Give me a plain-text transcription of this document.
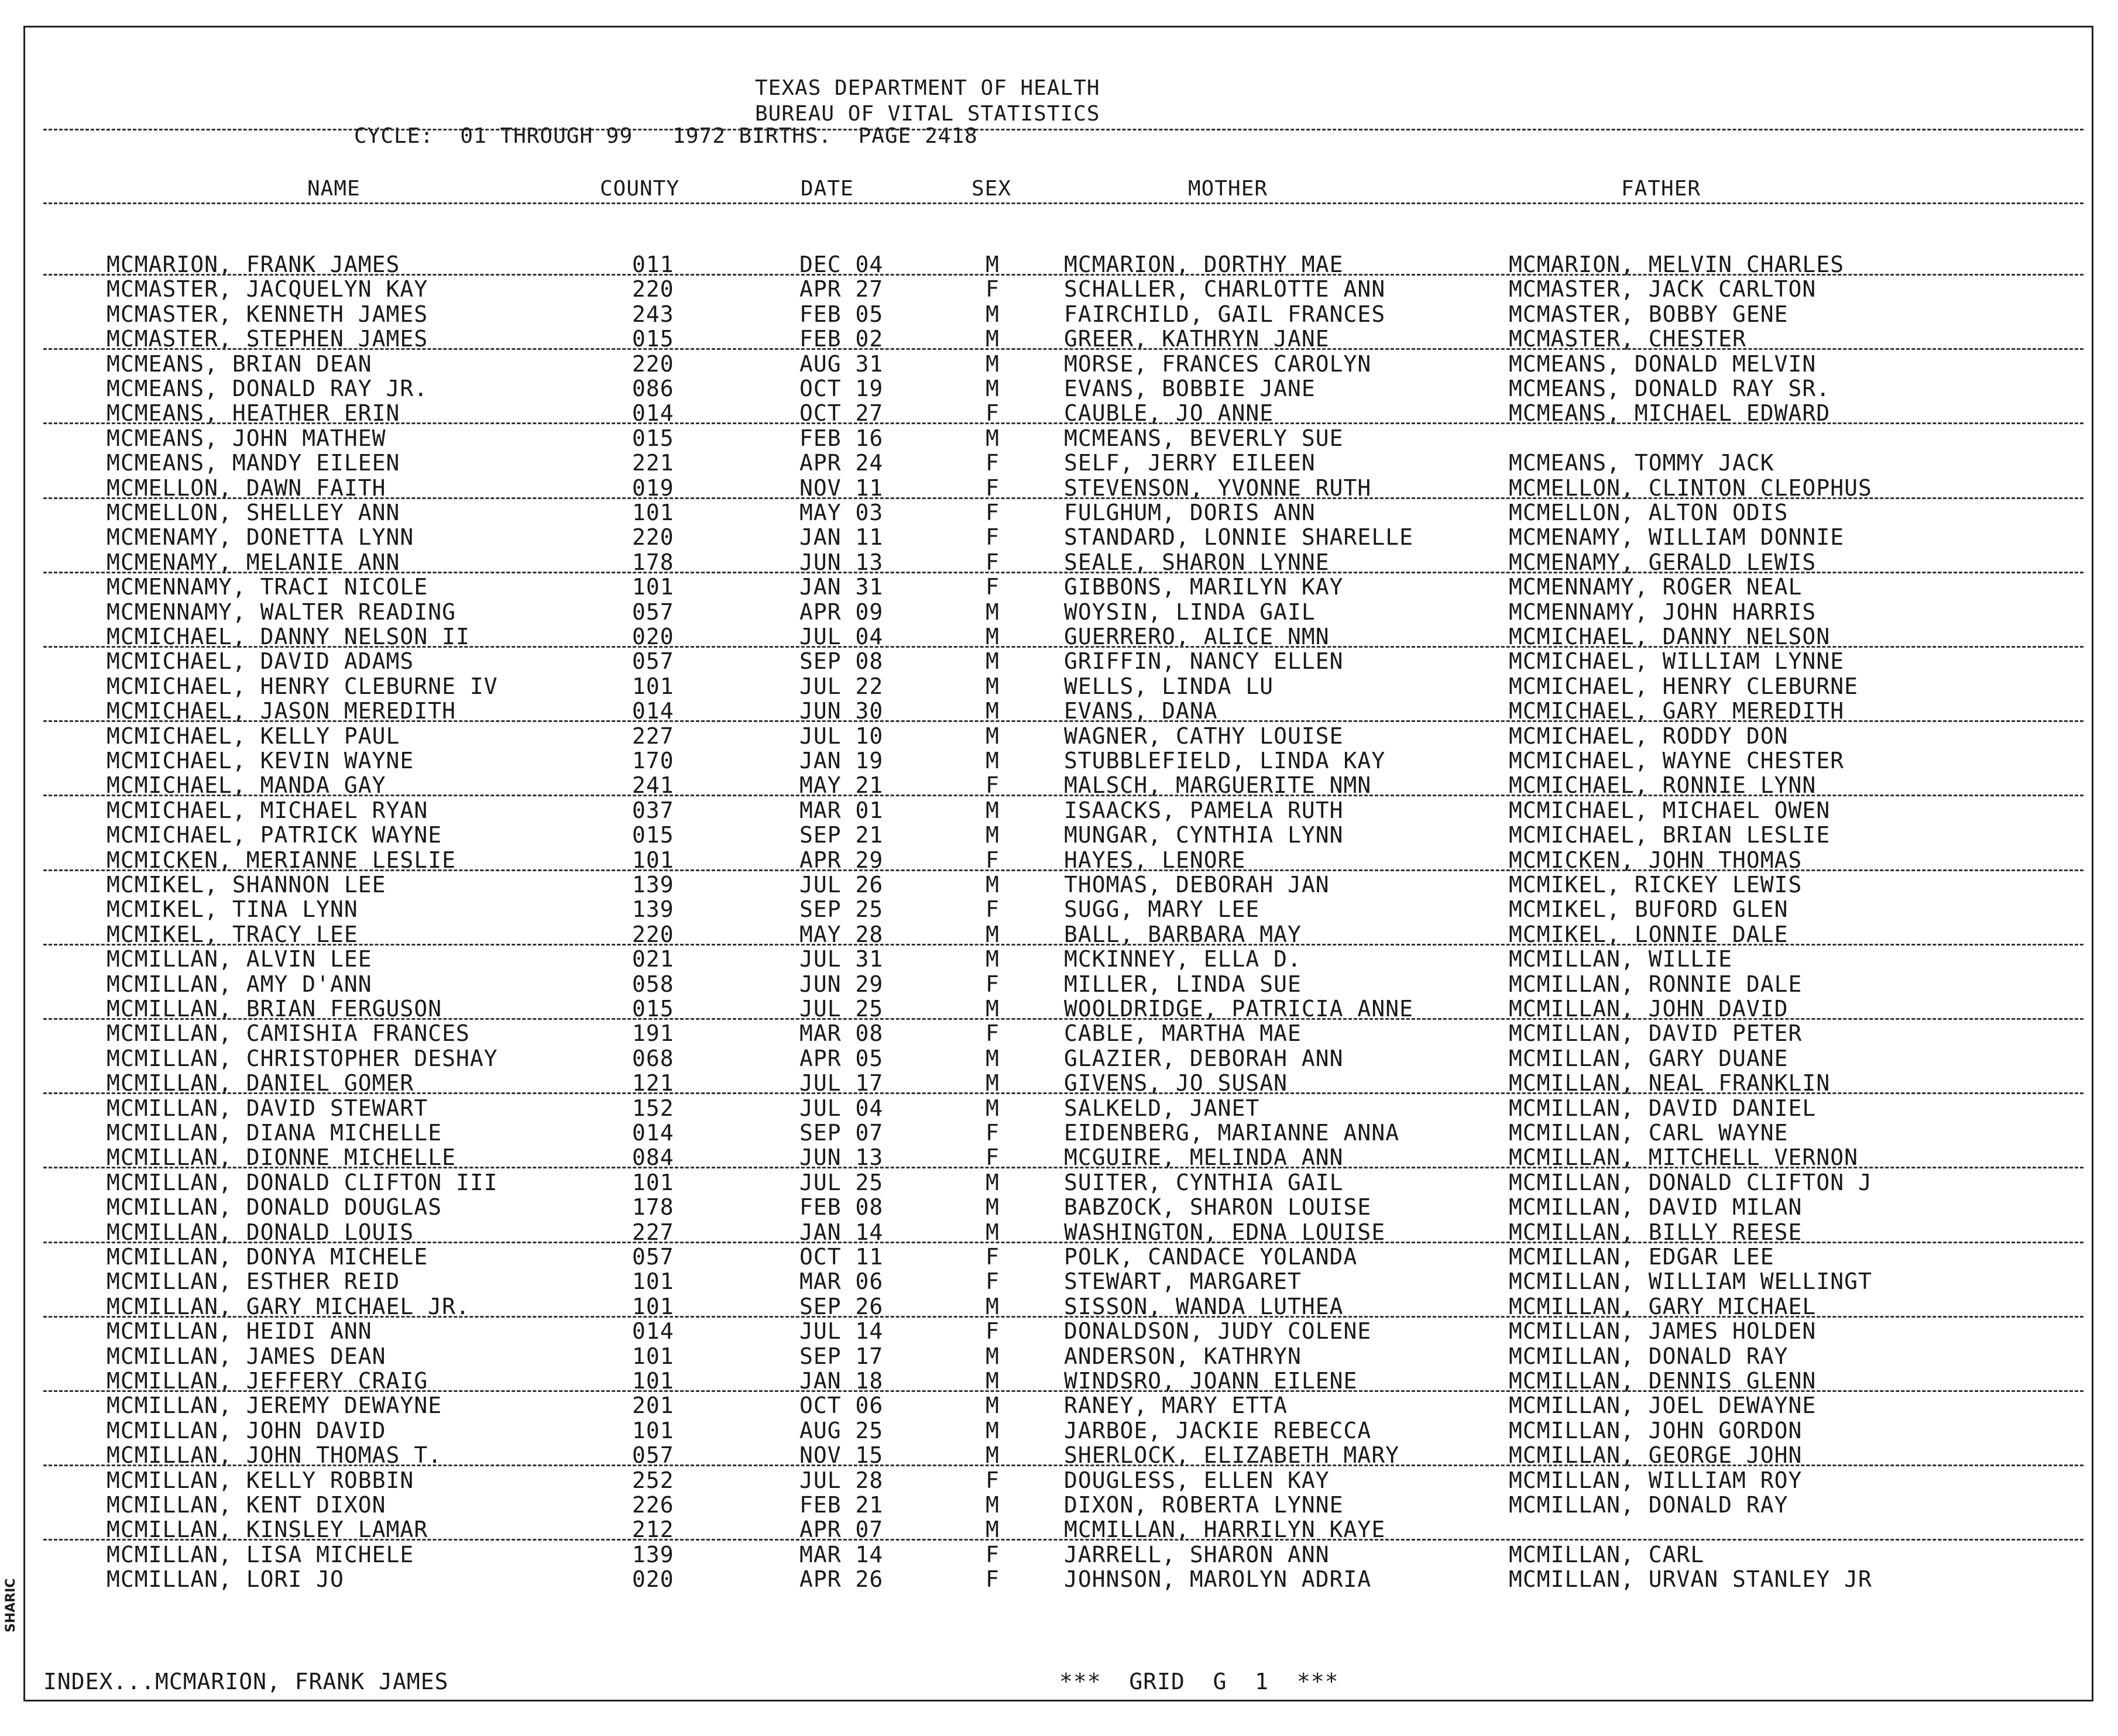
SHARIC
TEXAS DEPARTMENT OF HEALTH
BUREAU OF VITAL STATISTICS
CYCLE:  01 THROUGH 99   1972 BIRTHS.  PAGE 2418
NAME	COUNTY	DATE	SEX	MOTHER	FATHER
MCMARION, FRANK JAMES	011	DEC 04	M	MCMARION, DORTHY MAE	MCMARION, MELVIN CHARLES
MCMASTER, JACQUELYN KAY	220	APR 27	F	SCHALLER, CHARLOTTE ANN	MCMASTER, JACK CARLTON
MCMASTER, KENNETH JAMES	243	FEB 05	M	FAIRCHILD, GAIL FRANCES	MCMASTER, BOBBY GENE
MCMASTER, STEPHEN JAMES	015	FEB 02	M	GREER, KATHRYN JANE	MCMASTER, CHESTER
MCMEANS, BRIAN DEAN	220	AUG 31	M	MORSE, FRANCES CAROLYN	MCMEANS, DONALD MELVIN
MCMEANS, DONALD RAY JR.	086	OCT 19	M	EVANS, BOBBIE JANE	MCMEANS, DONALD RAY SR.
MCMEANS, HEATHER ERIN	014	OCT 27	F	CAUBLE, JO ANNE	MCMEANS, MICHAEL EDWARD
MCMEANS, JOHN MATHEW	015	FEB 16	M	MCMEANS, BEVERLY SUE
MCMEANS, MANDY EILEEN	221	APR 24	F	SELF, JERRY EILEEN	MCMEANS, TOMMY JACK
MCMELLON, DAWN FAITH	019	NOV 11	F	STEVENSON, YVONNE RUTH	MCMELLON, CLINTON CLEOPHUS
MCMELLON, SHELLEY ANN	101	MAY 03	F	FULGHUM, DORIS ANN	MCMELLON, ALTON ODIS
MCMENAMY, DONETTA LYNN	220	JAN 11	F	STANDARD, LONNIE SHARELLE	MCMENAMY, WILLIAM DONNIE
MCMENAMY, MELANIE ANN	178	JUN 13	F	SEALE, SHARON LYNNE	MCMENAMY, GERALD LEWIS
MCMENNAMY, TRACI NICOLE	101	JAN 31	F	GIBBONS, MARILYN KAY	MCMENNAMY, ROGER NEAL
MCMENNAMY, WALTER READING	057	APR 09	M	WOYSIN, LINDA GAIL	MCMENNAMY, JOHN HARRIS
MCMICHAEL, DANNY NELSON II	020	JUL 04	M	GUERRERO, ALICE NMN	MCMICHAEL, DANNY NELSON
MCMICHAEL, DAVID ADAMS	057	SEP 08	M	GRIFFIN, NANCY ELLEN	MCMICHAEL, WILLIAM LYNNE
MCMICHAEL, HENRY CLEBURNE IV	101	JUL 22	M	WELLS, LINDA LU	MCMICHAEL, HENRY CLEBURNE
MCMICHAEL, JASON MEREDITH	014	JUN 30	M	EVANS, DANA	MCMICHAEL, GARY MEREDITH
MCMICHAEL, KELLY PAUL	227	JUL 10	M	WAGNER, CATHY LOUISE	MCMICHAEL, RODDY DON
MCMICHAEL, KEVIN WAYNE	170	JAN 19	M	STUBBLEFIELD, LINDA KAY	MCMICHAEL, WAYNE CHESTER
MCMICHAEL, MANDA GAY	241	MAY 21	F	MALSCH, MARGUERITE NMN	MCMICHAEL, RONNIE LYNN
MCMICHAEL, MICHAEL RYAN	037	MAR 01	M	ISAACKS, PAMELA RUTH	MCMICHAEL, MICHAEL OWEN
MCMICHAEL, PATRICK WAYNE	015	SEP 21	M	MUNGAR, CYNTHIA LYNN	MCMICHAEL, BRIAN LESLIE
MCMICKEN, MERIANNE LESLIE	101	APR 29	F	HAYES, LENORE	MCMICKEN, JOHN THOMAS
MCMIKEL, SHANNON LEE	139	JUL 26	M	THOMAS, DEBORAH JAN	MCMIKEL, RICKEY LEWIS
MCMIKEL, TINA LYNN	139	SEP 25	F	SUGG, MARY LEE	MCMIKEL, BUFORD GLEN
MCMIKEL, TRACY LEE	220	MAY 28	M	BALL, BARBARA MAY	MCMIKEL, LONNIE DALE
MCMILLAN, ALVIN LEE	021	JUL 31	M	MCKINNEY, ELLA D.	MCMILLAN, WILLIE
MCMILLAN, AMY D'ANN	058	JUN 29	F	MILLER, LINDA SUE	MCMILLAN, RONNIE DALE
MCMILLAN, BRIAN FERGUSON	015	JUL 25	M	WOOLDRIDGE, PATRICIA ANNE	MCMILLAN, JOHN DAVID
MCMILLAN, CAMISHIA FRANCES	191	MAR 08	F	CABLE, MARTHA MAE	MCMILLAN, DAVID PETER
MCMILLAN, CHRISTOPHER DESHAY	068	APR 05	M	GLAZIER, DEBORAH ANN	MCMILLAN, GARY DUANE
MCMILLAN, DANIEL GOMER	121	JUL 17	M	GIVENS, JO SUSAN	MCMILLAN, NEAL FRANKLIN
MCMILLAN, DAVID STEWART	152	JUL 04	M	SALKELD, JANET	MCMILLAN, DAVID DANIEL
MCMILLAN, DIANA MICHELLE	014	SEP 07	F	EIDENBERG, MARIANNE ANNA	MCMILLAN, CARL WAYNE
MCMILLAN, DIONNE MICHELLE	084	JUN 13	F	MCGUIRE, MELINDA ANN	MCMILLAN, MITCHELL VERNON
MCMILLAN, DONALD CLIFTON III	101	JUL 25	M	SUITER, CYNTHIA GAIL	MCMILLAN, DONALD CLIFTON J
MCMILLAN, DONALD DOUGLAS	178	FEB 08	M	BABZOCK, SHARON LOUISE	MCMILLAN, DAVID MILAN
MCMILLAN, DONALD LOUIS	227	JAN 14	M	WASHINGTON, EDNA LOUISE	MCMILLAN, BILLY REESE
MCMILLAN, DONYA MICHELE	057	OCT 11	F	POLK, CANDACE YOLANDA	MCMILLAN, EDGAR LEE
MCMILLAN, ESTHER REID	101	MAR 06	F	STEWART, MARGARET	MCMILLAN, WILLIAM WELLINGT
MCMILLAN, GARY MICHAEL JR.	101	SEP 26	M	SISSON, WANDA LUTHEA	MCMILLAN, GARY MICHAEL
MCMILLAN, HEIDI ANN	014	JUL 14	F	DONALDSON, JUDY COLENE	MCMILLAN, JAMES HOLDEN
MCMILLAN, JAMES DEAN	101	SEP 17	M	ANDERSON, KATHRYN	MCMILLAN, DONALD RAY
MCMILLAN, JEFFERY CRAIG	101	JAN 18	M	WINDSRO, JOANN EILENE	MCMILLAN, DENNIS GLENN
MCMILLAN, JEREMY DEWAYNE	201	OCT 06	M	RANEY, MARY ETTA	MCMILLAN, JOEL DEWAYNE
MCMILLAN, JOHN DAVID	101	AUG 25	M	JARBOE, JACKIE REBECCA	MCMILLAN, JOHN GORDON
MCMILLAN, JOHN THOMAS T.	057	NOV 15	M	SHERLOCK, ELIZABETH MARY	MCMILLAN, GEORGE JOHN
MCMILLAN, KELLY ROBBIN	252	JUL 28	F	DOUGLESS, ELLEN KAY	MCMILLAN, WILLIAM ROY
MCMILLAN, KENT DIXON	226	FEB 21	M	DIXON, ROBERTA LYNNE	MCMILLAN, DONALD RAY
MCMILLAN, KINSLEY LAMAR	212	APR 07	M	MCMILLAN, HARRILYN KAYE
MCMILLAN, LISA MICHELE	139	MAR 14	F	JARRELL, SHARON ANN	MCMILLAN, CARL
MCMILLAN, LORI JO	020	APR 26	F	JOHNSON, MAROLYN ADRIA	MCMILLAN, URVAN STANLEY JR
INDEX...MCMARION, FRANK JAMES	***  GRID  G  1  ***
